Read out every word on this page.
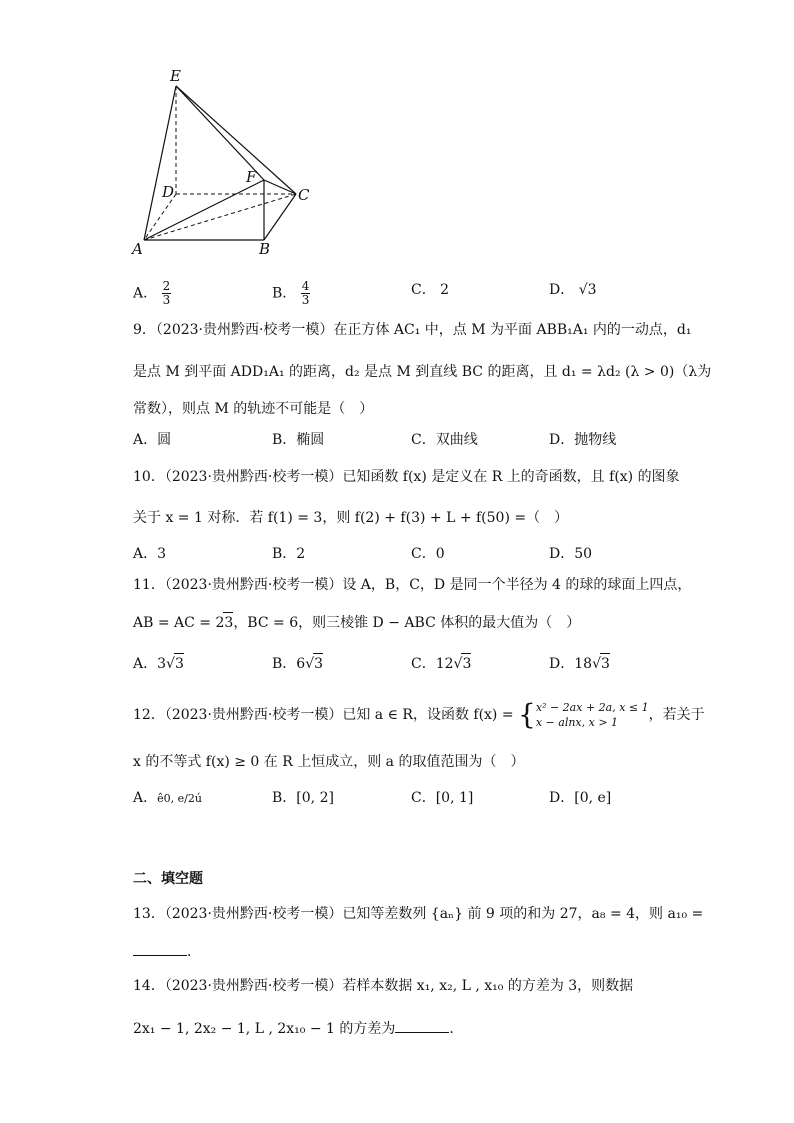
E
D
F
C
A	B
A． $\frac{2}{3}$	B． $\frac{4}{3}$	C． 2	D． √3
9．（2023·贵州黔西·校考一模）在正方体 AC₁ 中，点 M 为平面 ABB₁A₁ 内的一动点，d₁
是点 M 到平面 ADD₁A₁ 的距离，d₂ 是点 M 到直线 BC 的距离，且 d₁ = λd₂ (λ > 0)（λ为
常数），则点 M 的轨迹不可能是（　）
A．圆	B．椭圆	C．双曲线	D．抛物线
10．（2023·贵州黔西·校考一模）已知函数 f(x) 是定义在 R 上的奇函数，且 f(x) 的图象
关于 x = 1 对称．若 f(1) = 3，则 f(2) + f(3) + L + f(50) =（　）
A．3	B．2	C．0	D．50
11．（2023·贵州黔西·校考一模）设 A，B，C，D 是同一个半径为 4 的球的球面上四点，
AB = AC = 23，BC = 6，则三棱锥 D − ABC 体积的最大值为（　）
A．3√3	B．6√3	C．12√3	D．18√3
12．（2023·贵州黔西·校考一模）已知 a ∈ R，设函数 f(x) = { x² − 2ax + 2a, x ≤ 1
x − alnx, x > 1	，若关于
x 的不等式 f(x) ≥ 0 在 R 上恒成立，则 a 的取值范围为（　）
A．ê0, e/2ú	B．[0, 2]	C．[0, 1]	D．[0, e]
二、填空题
13．（2023·贵州黔西·校考一模）已知等差数列 {aₙ} 前 9 项的和为 27，a₈ = 4，则 a₁₀ =
．
14．（2023·贵州黔西·校考一模）若样本数据 x₁, x₂, L , x₁₀ 的方差为 3，则数据
2x₁ − 1, 2x₂ − 1, L , 2x₁₀ − 1 的方差为	．
